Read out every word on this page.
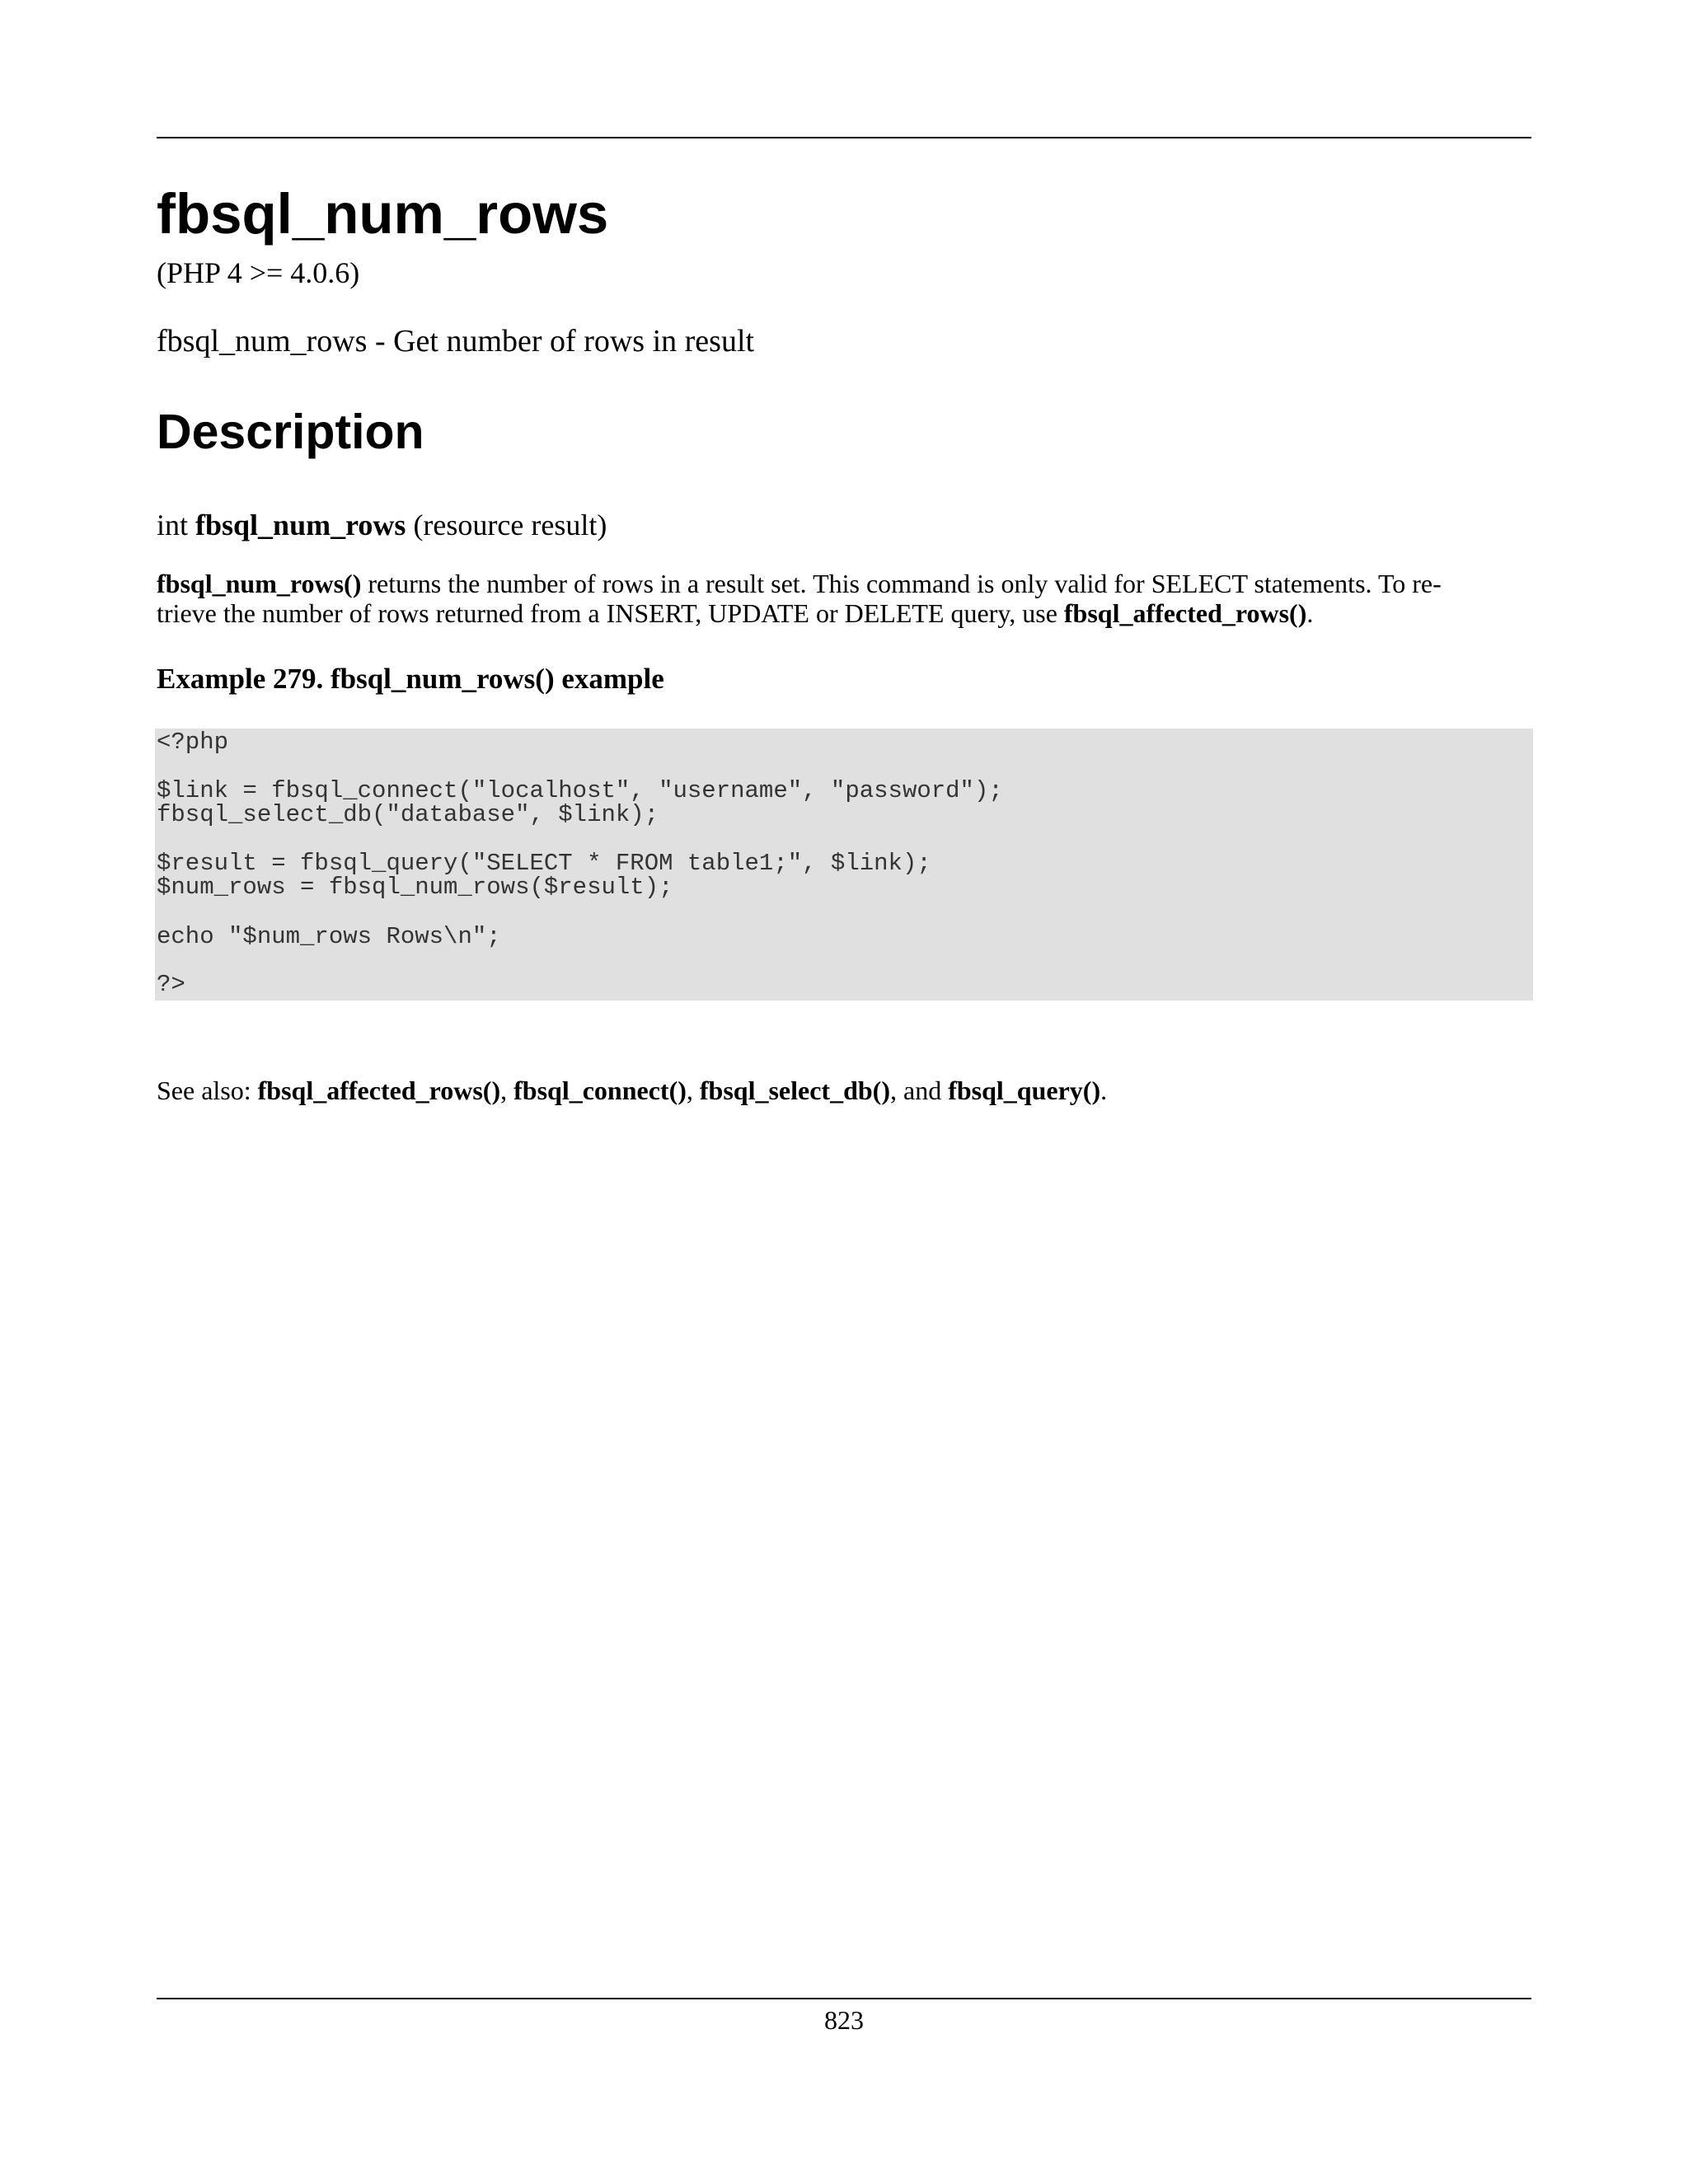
fbsql_num_rows
(PHP 4 >= 4.0.6)
fbsql_num_rows - Get number of rows in result
Description
int fbsql_num_rows (resource result)

fbsql_num_rows() returns the number of rows in a result set. This command is only valid for SELECT statements. To re-
trieve the number of rows returned from a INSERT, UPDATE or DELETE query, use fbsql_affected_rows().

Example 279. fbsql_num_rows() example
<?php
$link = fbsql_connect("localhost", "username", "password");
fbsql_select_db("database", $link);
$result = fbsql_query("SELECT * FROM table1;", $link);
$num_rows = fbsql_num_rows($result);
echo "$num_rows Rows\n";
?>
See also: fbsql_affected_rows(), fbsql_connect(), fbsql_select_db(), and fbsql_query().
823
